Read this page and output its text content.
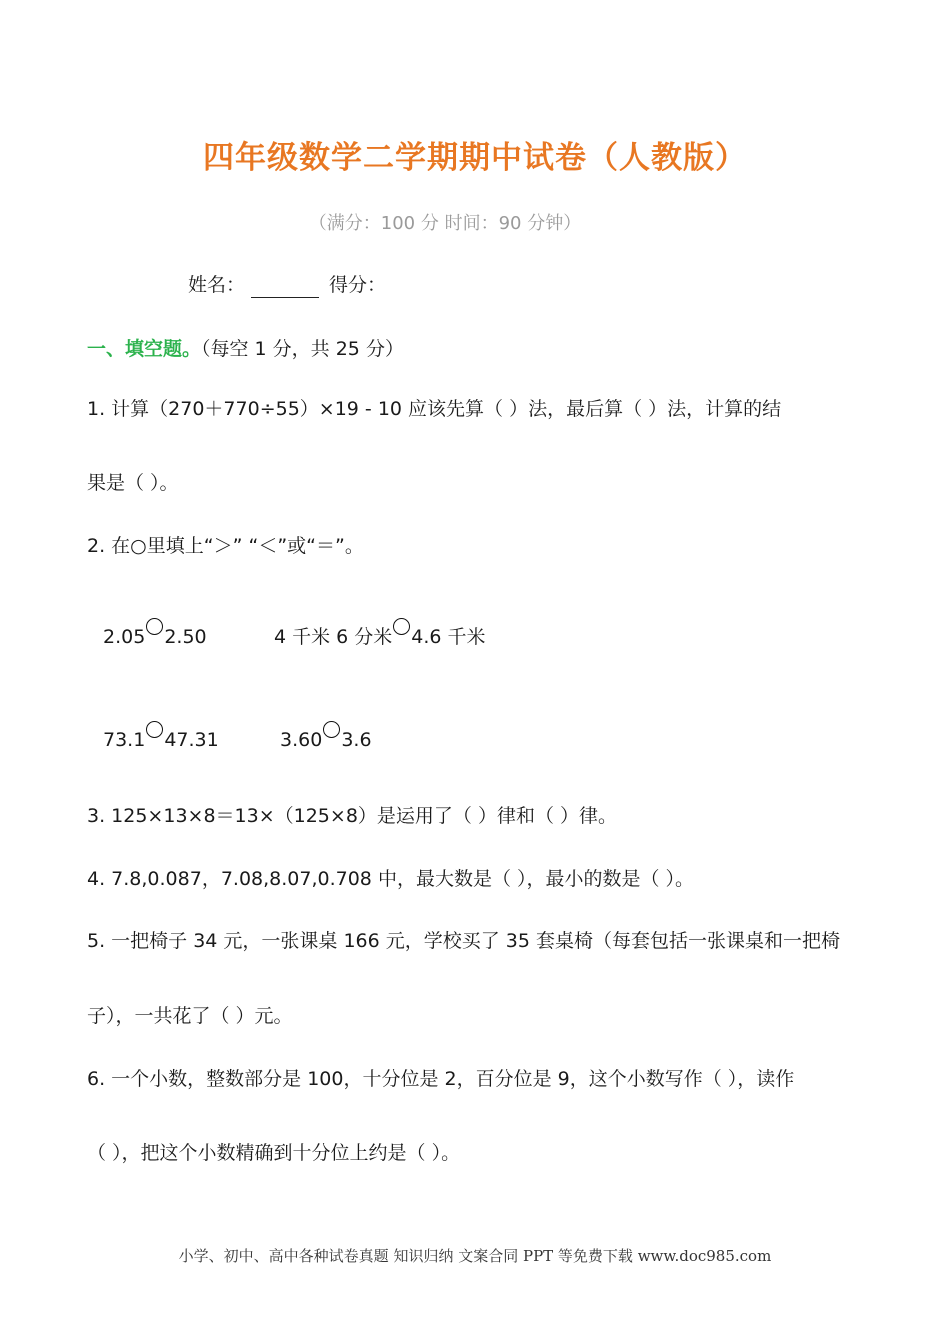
四年级数学二学期期中试卷（人教版）
（满分：100 分 时间：90 分钟）
姓名：	得分：
一、填空题。（每空 1 分，共 25 分）
1. 计算（270＋770÷55）×19 - 10 应该先算（ ）法，最后算（ ）法，计算的结
果是（ ）。
2. 在○里填上“＞” “＜”或“＝”。
2.05 2.50	4 千米 6 分米 4.6 千米
73.1 47.31	3.60 3.6
3. 125×13×8＝13×（125×8）是运用了（ ）律和（ ）律。
4. 7.8,0.087，7.08,8.07,0.708 中，最大数是（ ），最小的数是（ ）。
5. 一把椅子 34 元，一张课桌 166 元，学校买了 35 套桌椅（每套包括一张课桌和一把椅
子），一共花了（ ）元。
6. 一个小数，整数部分是 100，十分位是 2，百分位是 9，这个小数写作（ ），读作
（ ），把这个小数精确到十分位上约是（ ）。
小学、初中、高中各种试卷真题 知识归纳 文案合同 PPT 等免费下载 www.doc985.com
